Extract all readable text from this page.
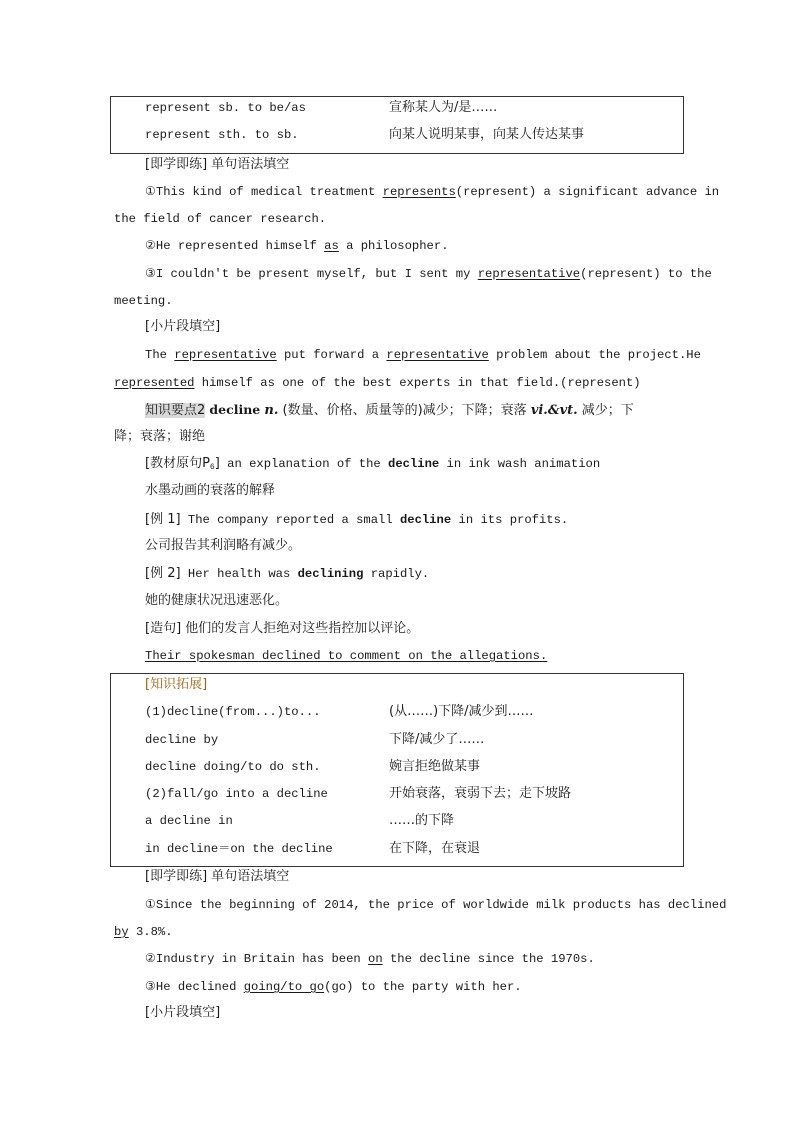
represent sb. to be/as	宣称某人为/是……
represent sth. to sb.	向某人说明某事，向某人传达某事
[即学即练] 单句语法填空
①This kind of medical treatment represents(represent) a significant advance in
the field of cancer research.
②He represented himself as a philosopher.
③I couldn't be present myself, but I sent my representative(represent) to the
meeting.
[小片段填空]
The representative put forward a representative problem about the project.He
represented himself as one of the best experts in that field.(represent)
知识要点2 decline n. (数量、价格、质量等的)减少；下降；衰落 vi.&vt. 减少；下
降；衰落；谢绝
[教材原句$P_6$] an explanation of the decline in ink wash animation
水墨动画的衰落的解释
[例 1] The company reported a small decline in its profits.
公司报告其利润略有减少。
[例 2] Her health was declining rapidly.
她的健康状况迅速恶化。
[造句] 他们的发言人拒绝对这些指控加以评论。
Their spokesman declined to comment on the allegations.
[知识拓展]
(1)decline(from...)to...	(从……)下降/减少到……
decline by	下降/减少了……
decline doing/to do sth.	婉言拒绝做某事
(2)fall/go into a decline	开始衰落，衰弱下去；走下坡路
a decline in	……的下降
in decline＝on the decline	在下降，在衰退
[即学即练] 单句语法填空
①Since the beginning of 2014, the price of worldwide milk products has declined
by 3.8%.
②Industry in Britain has been on the decline since the 1970s.
③He declined going/to go(go) to the party with her.
[小片段填空]
